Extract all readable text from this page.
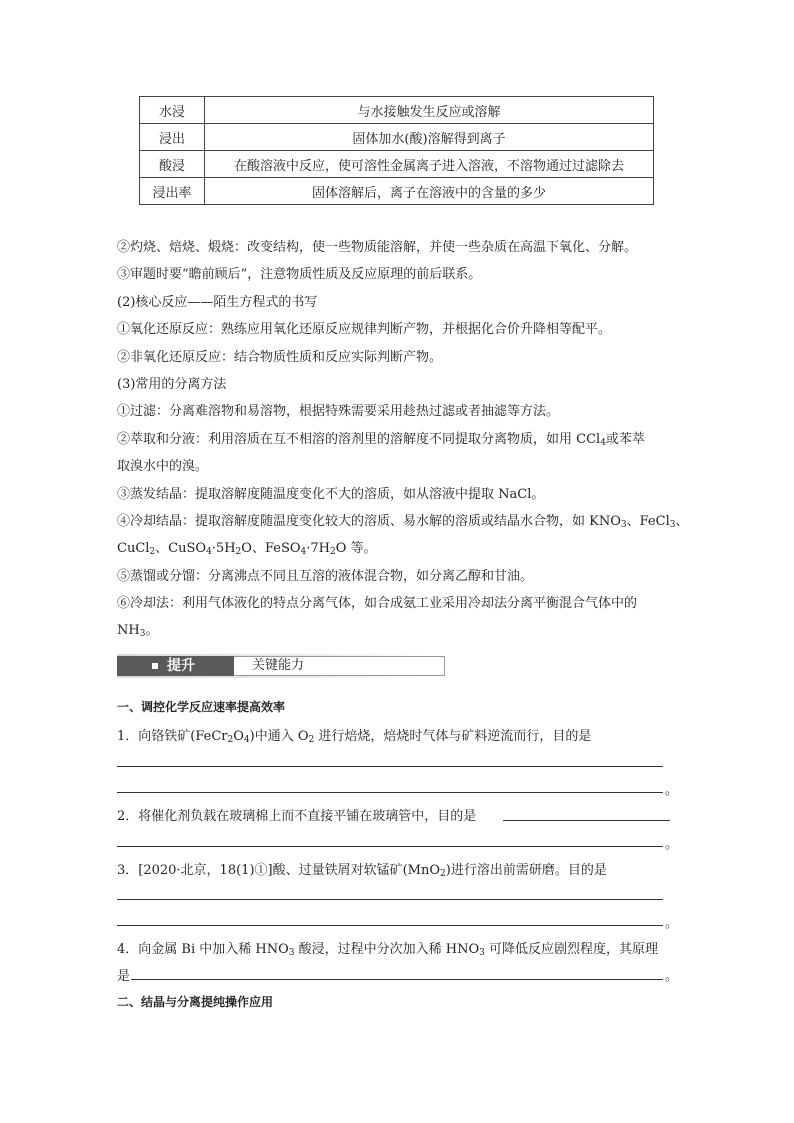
水浸	与水接触发生反应或溶解
浸出	固体加水(酸)溶解得到离子
酸浸	在酸溶液中反应，使可溶性金属离子进入溶液，不溶物通过过滤除去
浸出率	固体溶解后，离子在溶液中的含量的多少
②灼烧、焙烧、煅烧：改变结构，使一些物质能溶解，并使一些杂质在高温下氧化、分解。
③审题时要“瞻前顾后”，注意物质性质及反应原理的前后联系。
(2)核心反应——陌生方程式的书写
①氧化还原反应：熟练应用氧化还原反应规律判断产物，并根据化合价升降相等配平。
②非氧化还原反应：结合物质性质和反应实际判断产物。
(3)常用的分离方法
①过滤：分离难溶物和易溶物，根据特殊需要采用趁热过滤或者抽滤等方法。
②萃取和分液：利用溶质在互不相溶的溶剂里的溶解度不同提取分离物质，如用 CCl$_4$或苯萃
取溴水中的溴。
③蒸发结晶：提取溶解度随温度变化不大的溶质，如从溶液中提取 NaCl。
④冷却结晶：提取溶解度随温度变化较大的溶质、易水解的溶质或结晶水合物，如 $KNO_3$、FeCl$_3$、
CuCl$_2$、$CuSO_4\cdot 5H_2O$、$FeSO_4\cdot 7H_2O$ 等。
⑤蒸馏或分馏：分离沸点不同且互溶的液体混合物，如分离乙醇和甘油。
⑥冷却法：利用气体液化的特点分离气体，如合成氨工业采用冷却法分离平衡混合气体中的
$NH_3$。
提升	关键能力
一、调控化学反应速率提高效率
1．向铬铁矿$(FeCr_2O_4)$中通入 $O_2$ 进行焙烧，焙烧时气体与矿料逆流而行，目的是
。
2．将催化剂负载在玻璃棉上而不直接平铺在玻璃管中，目的是
。
3．[2020·北京，18(1)①]酸、过量铁屑对软锰矿(MnO$_2$)进行溶出前需研磨。目的是
。
4．向金属 Bi 中加入稀 $HNO_3$ 酸浸，过程中分次加入稀 $HNO_3$ 可降低反应剧烈程度，其原理
是	。
二、结晶与分离提纯操作应用
